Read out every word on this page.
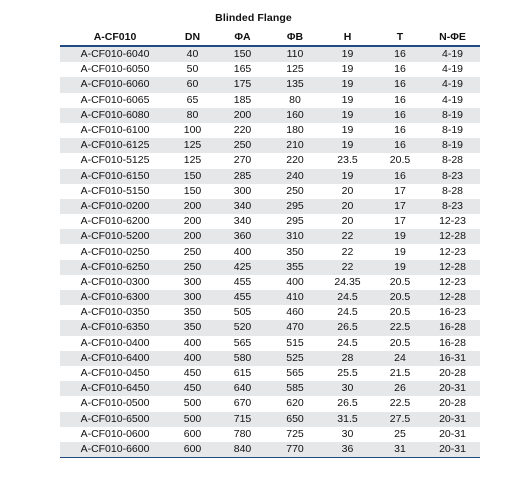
Blinded Flange
A-CF010	DN	ΦA	ΦB	H	T	N-ΦE
A-CF010-6040	40	150	110	19	16	4-19
A-CF010-6050	50	165	125	19	16	4-19
A-CF010-6060	60	175	135	19	16	4-19
A-CF010-6065	65	185	80	19	16	4-19
A-CF010-6080	80	200	160	19	16	8-19
A-CF010-6100	100	220	180	19	16	8-19
A-CF010-6125	125	250	210	19	16	8-19
A-CF010-5125	125	270	220	23.5	20.5	8-28
A-CF010-6150	150	285	240	19	16	8-23
A-CF010-5150	150	300	250	20	17	8-28
A-CF010-0200	200	340	295	20	17	8-23
A-CF010-6200	200	340	295	20	17	12-23
A-CF010-5200	200	360	310	22	19	12-28
A-CF010-0250	250	400	350	22	19	12-23
A-CF010-6250	250	425	355	22	19	12-28
A-CF010-0300	300	455	400	24.35	20.5	12-23
A-CF010-6300	300	455	410	24.5	20.5	12-28
A-CF010-0350	350	505	460	24.5	20.5	16-23
A-CF010-6350	350	520	470	26.5	22.5	16-28
A-CF010-0400	400	565	515	24.5	20.5	16-28
A-CF010-6400	400	580	525	28	24	16-31
A-CF010-0450	450	615	565	25.5	21.5	20-28
A-CF010-6450	450	640	585	30	26	20-31
A-CF010-0500	500	670	620	26.5	22.5	20-28
A-CF010-6500	500	715	650	31.5	27.5	20-31
A-CF010-0600	600	780	725	30	25	20-31
A-CF010-6600	600	840	770	36	31	20-31
